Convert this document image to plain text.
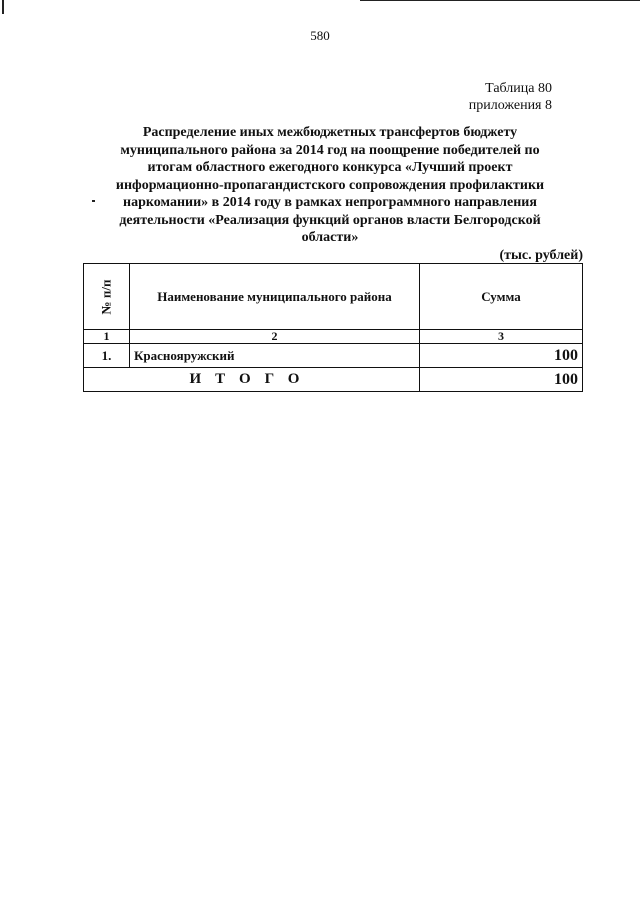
580
Таблица 80
приложения 8
Распределение иных межбюджетных трансфертов бюджету
муниципального района за 2014 год на поощрение победителей по
итогам областного ежегодного конкурса «Лучший проект
информационно-пропагандистского сопровождения профилактики
наркомании» в 2014 году в рамках непрограммного направления
деятельности «Реализация функций органов власти Белгородской
области»
(тыс. рублей)
№ п/п	Наименование муниципального района	Сумма
1	2	3
1.	Краснояружский	100
ИТОГО		100
